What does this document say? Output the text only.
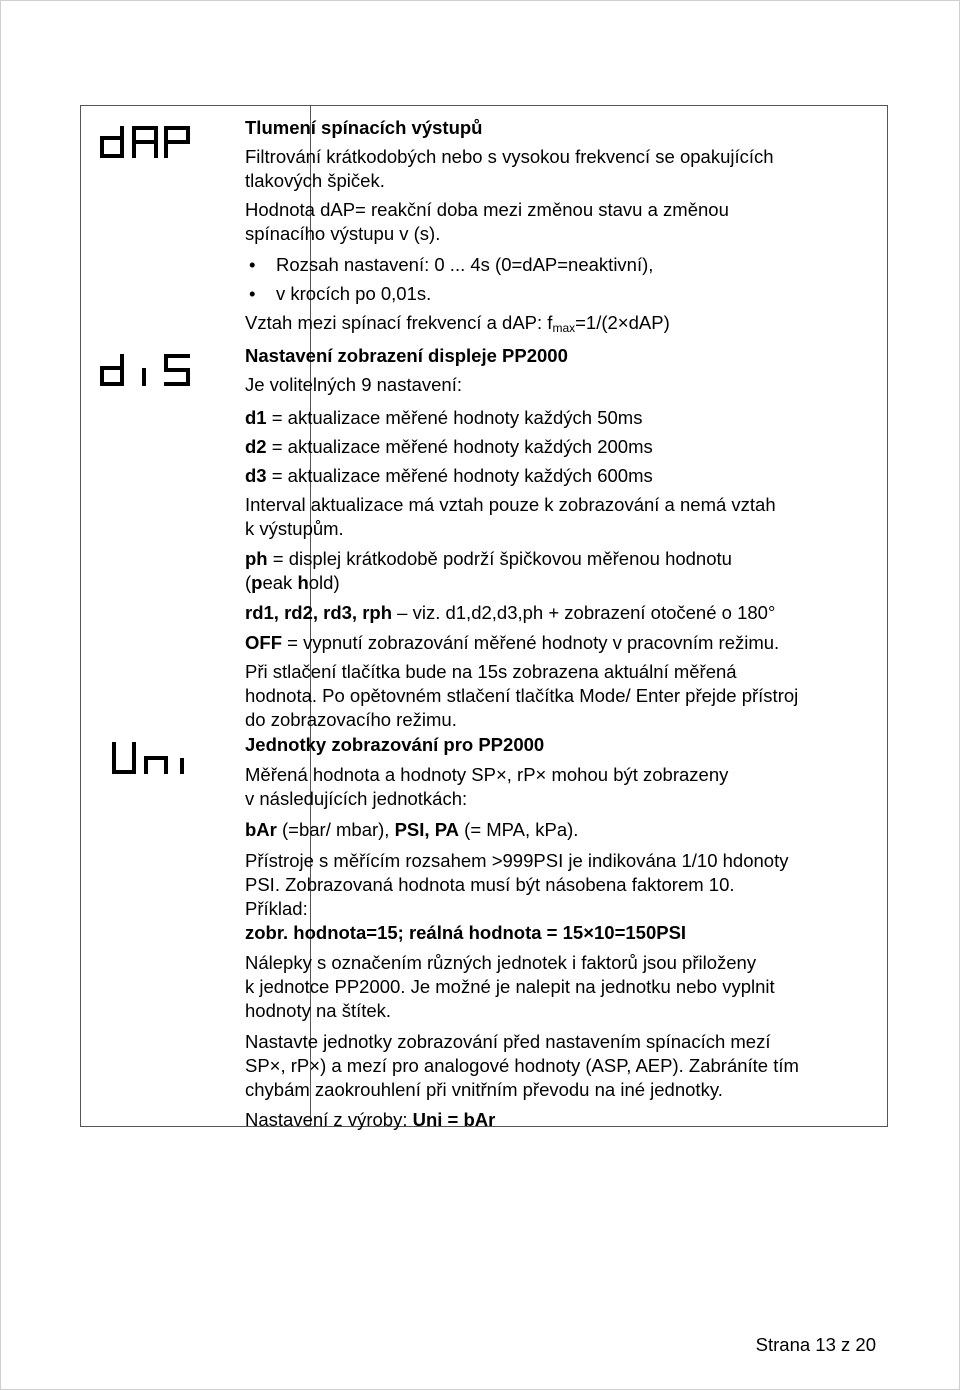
Tlumení spínacích výstupů

Filtrování krátkodobých nebo s vysokou frekvencí se opakujících

tlakových špiček.

Hodnota dAP= reakční doba mezi změnou stavu a změnou

spínacího výstupu v (s).

• Rozsah nastavení: 0 ... 4s (0=dAP=neaktivní),

• v krocích po 0,01s.

Vztah mezi spínací frekvencí a dAP: $f_{max}=1/(2\times dAP)$

Nastavení zobrazení displeje PP2000

Je volitelných 9 nastavení:

d1 = aktualizace měřené hodnoty každých 50ms

d2 = aktualizace měřené hodnoty každých 200ms

d3 = aktualizace měřené hodnoty každých 600ms

Interval aktualizace má vztah pouze k zobrazování a nemá vztah

k výstupům.

ph = displej krátkodobě podrží špičkovou měřenou hodnotu

(peak hold)

rd1, rd2, rd3, rph – viz. d1,d2,d3,ph + zobrazení otočené o 180°

OFF = vypnutí zobrazování měřené hodnoty v pracovním režimu.

Při stlačení tlačítka bude na 15s zobrazena aktuální měřená

hodnota. Po opětovném stlačení tlačítka Mode/ Enter přejde přístroj

do zobrazovacího režimu.

Jednotky zobrazování pro PP2000

Měřená hodnota a hodnoty SP×, rP× mohou být zobrazeny

v následujících jednotkách:

bAr (=bar/ mbar), PSI, PA (= MPA, kPa).

Přístroje s měřícím rozsahem >999PSI je indikována 1/10 hdonoty

PSI. Zobrazovaná hodnota musí být násobena faktorem 10.

Příklad:

zobr. hodnota=15; reálná hodnota = 15×10=150PSI

Nálepky s označením různých jednotek i faktorů jsou přiloženy

k jednotce PP2000. Je možné je nalepit na jednotku nebo vyplnit

hodnoty na štítek.

Nastavte jednotky zobrazování před nastavením spínacích mezí

SP×, rP×) a mezí pro analogové hodnoty (ASP, AEP). Zabráníte tím

chybám zaokrouhlení při vnitřním převodu na iné jednotky.

Nastavení z výroby: Uni = bAr

Strana 13 z 20
